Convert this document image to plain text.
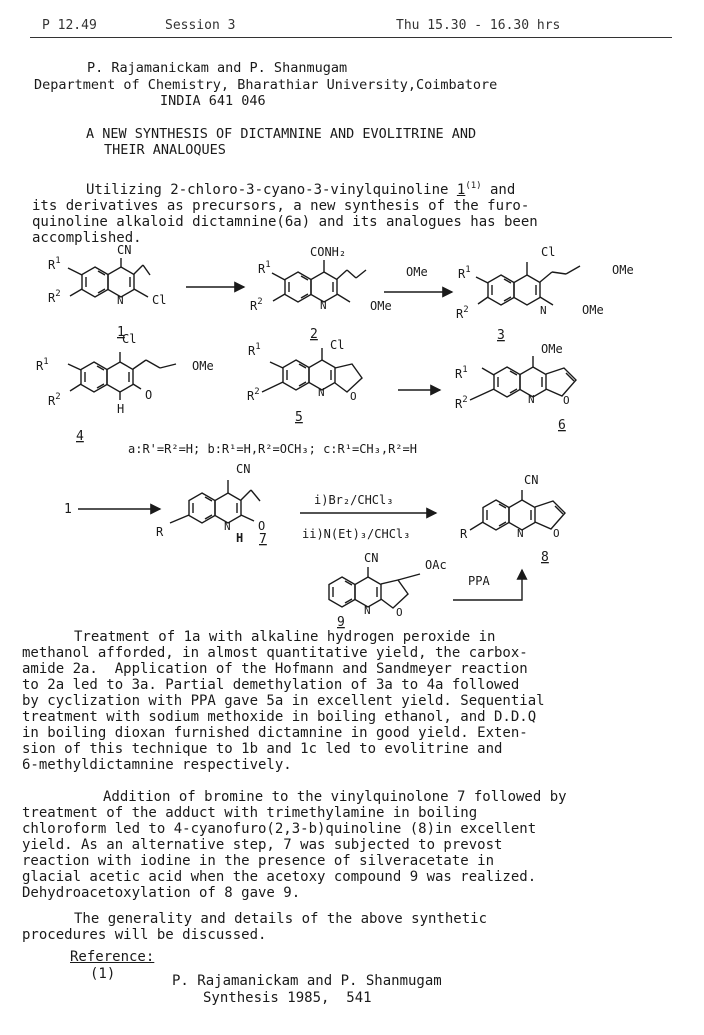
P 12.49	Session 3	Thu 15.30 - 16.30 hrs
P. Rajamanickam and P. Shanmugam
Department of Chemistry, Bharathiar University,Coimbatore
INDIA 641 046
A NEW SYNTHESIS OF DICTAMNINE AND EVOLITRINE AND
THEIR ANALOQUES
Utilizing 2-chloro-3-cyano-3-vinylquinoline 1$^{(1)}$ and
its derivatives as precursors, a new synthesis of the furo-
quinoline alkaloid dictamnine(6a) and its analogues has been
accomplished.
CN
$R^1$
$R^2$	N Cl
1
CONH₂
OMe
$R^1$
$R^2$	N	OMe
2
Cl
OMe
$R^1$
$R^2$	N	OMe
3
Cl
OMe
$R^1$
$R^2$	O
H
4
Cl
$R^1$
$R^2$	N O
5
OMe
$R^1$
$R^2$	N	O
6
a:R'=R²=H; b:R¹=H,R²=OCH₃; c:R¹=CH₃,R²=H
1
CN
R	N O
H 7
i)Br₂/CHCl₃
ii)N(Et)₃/CHCl₃
CN
R	N	O
8
CN	OAc
N O
9
PPA
Treatment of 1a with alkaline hydrogen peroxide in
methanol afforded, in almost quantitative yield, the carbox-
amide 2a.  Application of the Hofmann and Sandmeyer reaction
to 2a led to 3a. Partial demethylation of 3a to 4a followed
by cyclization with PPA gave 5a in excellent yield. Sequential
treatment with sodium methoxide in boiling ethanol, and D.D.Q
in boiling dioxan furnished dictamnine in good yield. Exten-
sion of this technique to 1b and 1c led to evolitrine and
6-methyldictamnine respectively.
Addition of bromine to the vinylquinolone 7 followed by
treatment of the adduct with trimethylamine in boiling
chloroform led to 4-cyanofuro(2,3-b)quinoline (8)in excellent
yield. As an alternative step, 7 was subjected to prevost
reaction with iodine in the presence of silveracetate in
glacial acetic acid when the acetoxy compound 9 was realized.
Dehydroacetoxylation of 8 gave 9.
The generality and details of the above synthetic
procedures will be discussed.
Reference:
(1)	P. Rajamanickam and P. Shanmugam
Synthesis 1985,  541
